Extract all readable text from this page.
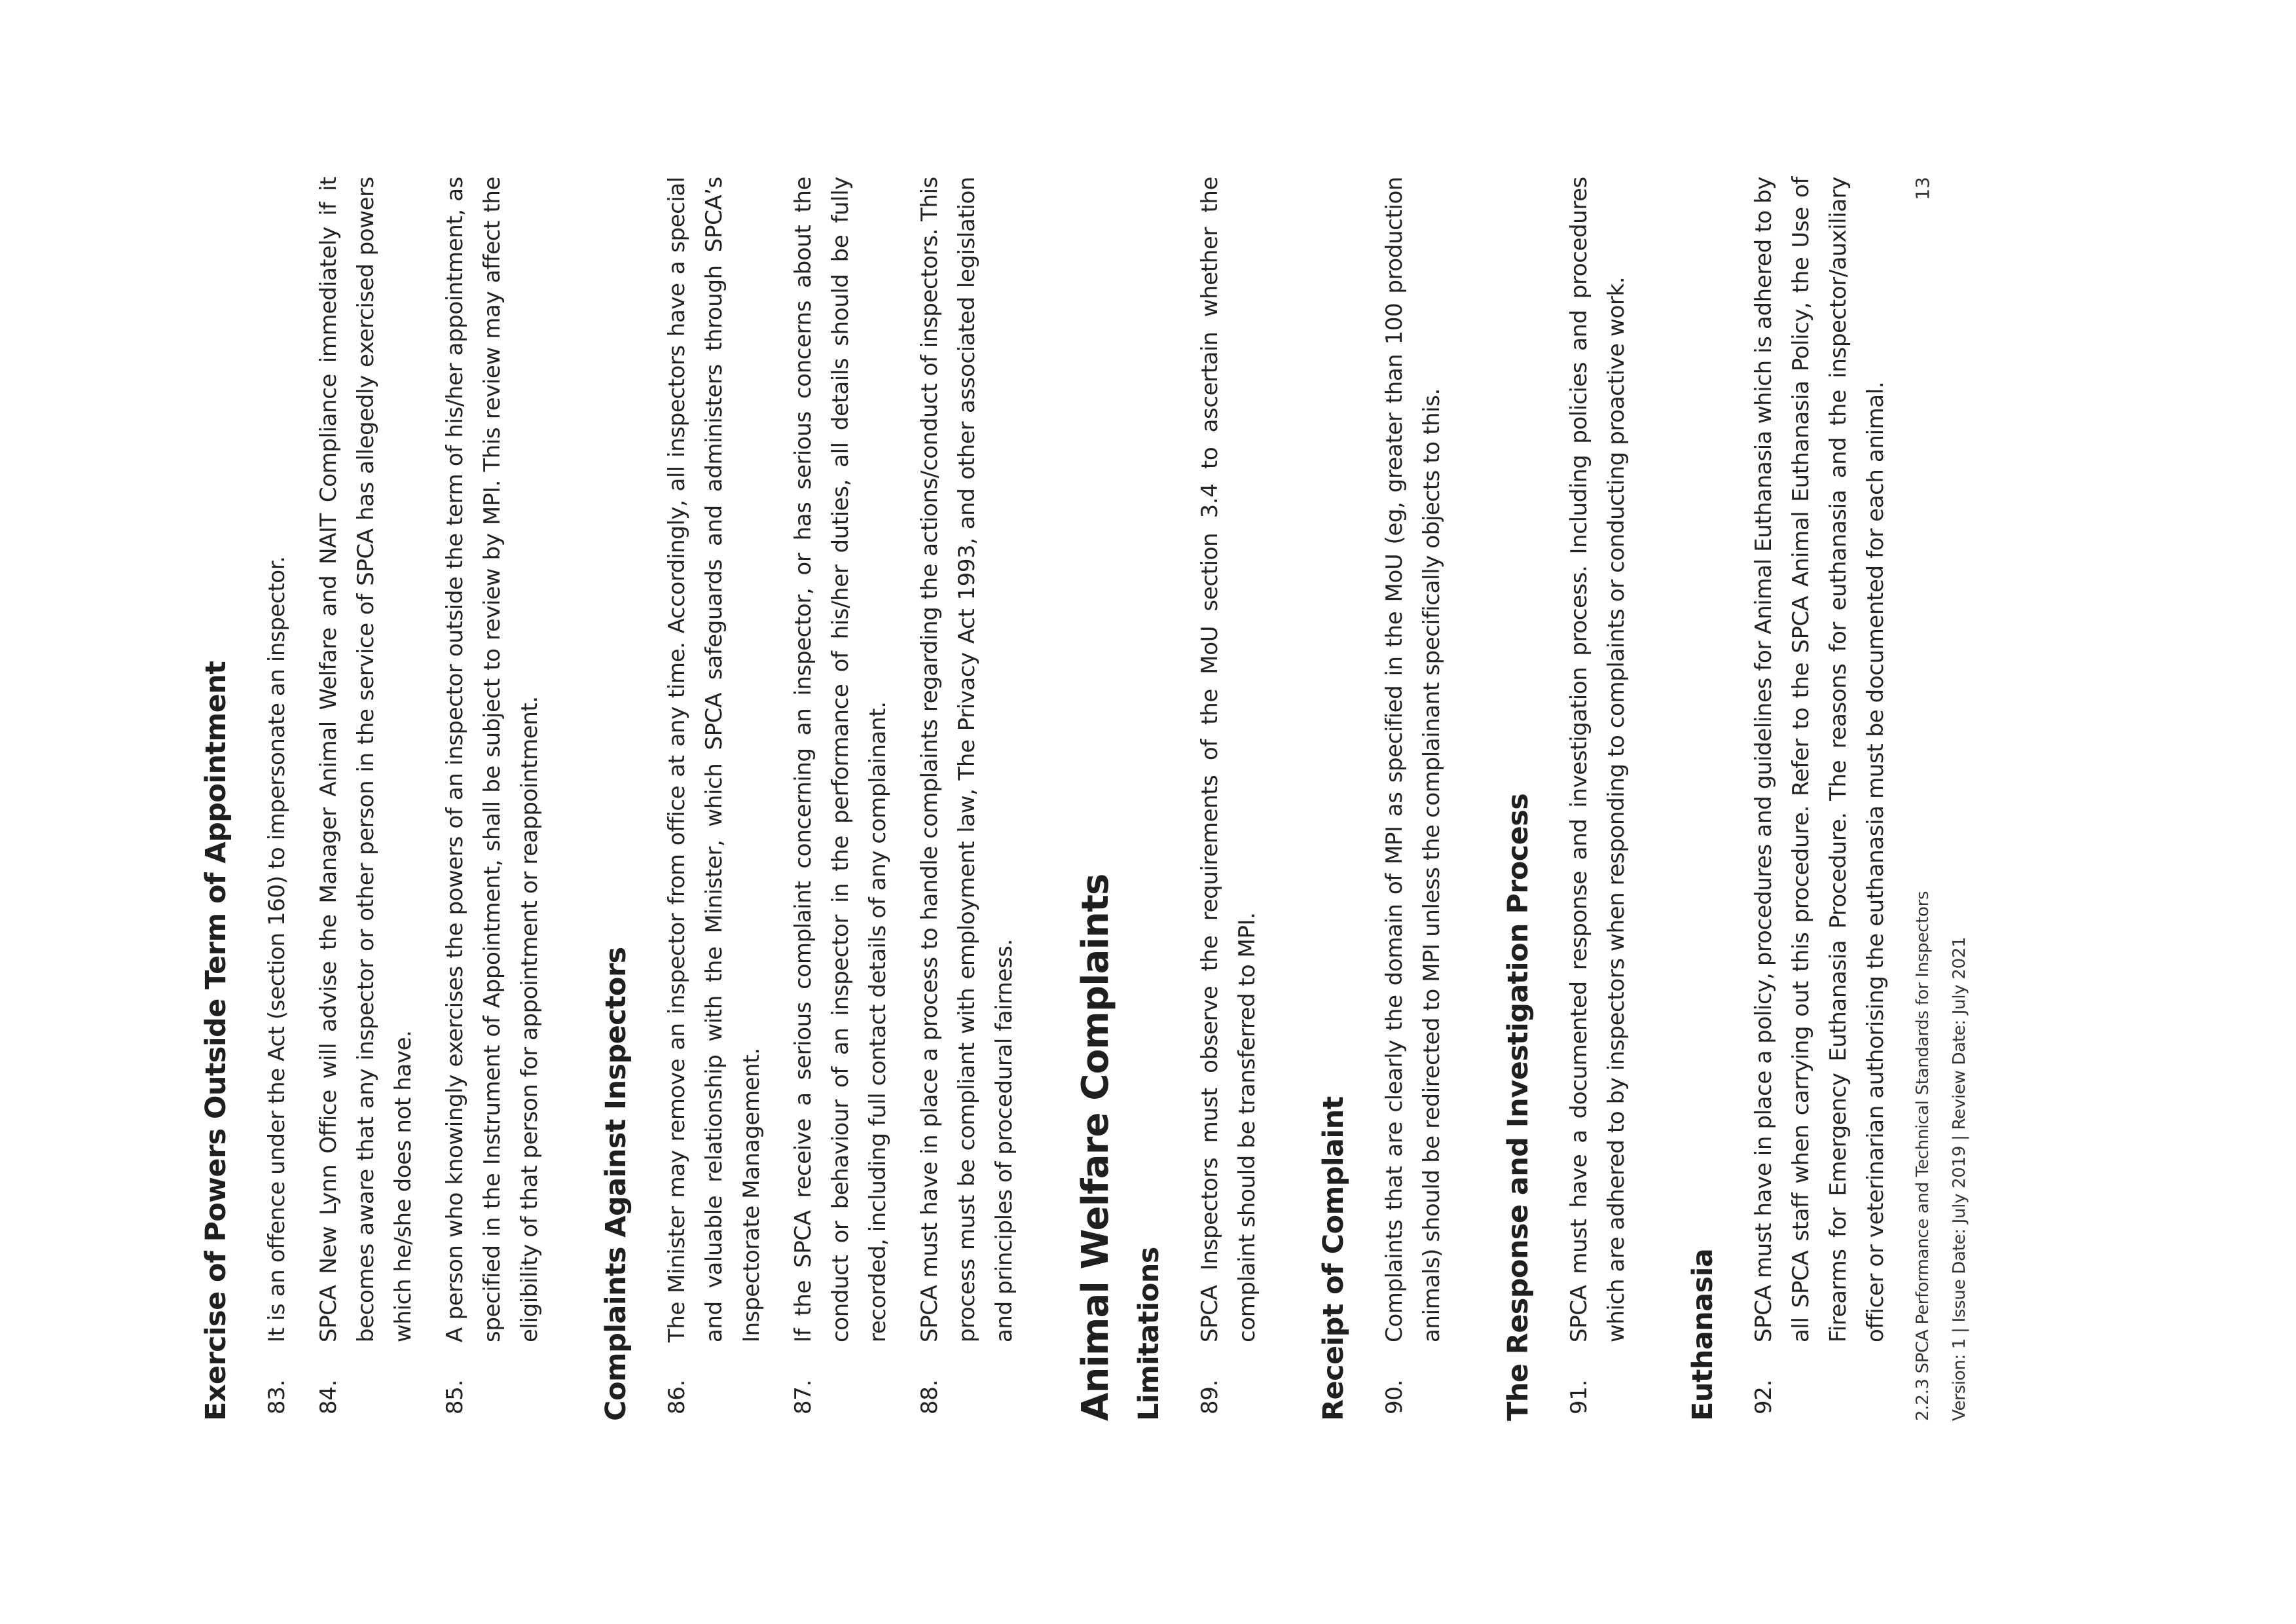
Exercise of Powers Outside Term of Appointment 83.
It is an offence under the Act (section 160) to impersonate an inspector.
84.
SPCA New Lynn Office will advise the Manager Animal Welfare and NAIT Compliance immediately if it becomes aware that any inspector or other person in the service of SPCA has allegedly exercised powers which he/she does not have.
85.
A person who knowingly exercises the powers of an inspector outside the term of his/her appointment, as specified in the Instrument of Appointment, shall be subject to review by MPI. This review may affect the eligibility of that person for appointment or reappointment. Complaints Against Inspectors 86.
The Minister may remove an inspector from office at any time. Accordingly, all inspectors have a special and valuable relationship with the Minister, which SPCA safeguards and administers through SPCA’s Inspectorate Management.
87.
If the SPCA receive a serious complaint concerning an inspector, or has serious concerns about the conduct or behaviour of an inspector in the performance of his/her duties, all details should be fully recorded, including full contact details of any complainant.
88.
SPCA must have in place a process to handle complaints regarding the actions/conduct of inspectors. This process must be compliant with employment law, The Privacy Act 1993, and other associated legislation and principles of procedural fairness. Animal Welfare Complaints Limitations 89.
SPCA Inspectors must observe the requirements of the MoU section 3.4 to ascertain whether the complaint should be transferred to MPI. Receipt of Complaint 90.
Complaints that are clearly the domain of MPI as specified in the MoU (eg, greater than 100 production animals) should be redirected to MPI unless the complainant specifically objects to this. The Response and Investigation Process 91.
SPCA must have a documented response and investigation process. Including policies and procedures which are adhered to by inspectors when responding to complaints or conducting proactive work. Euthanasia 92.
SPCA must have in place a policy, procedures and guidelines for Animal Euthanasia which is adhered to by all SPCA staff when carrying out this procedure. Refer to the SPCA Animal Euthanasia Policy, the Use of Firearms for Emergency Euthanasia Procedure. The reasons for euthanasia and the inspector/auxiliary officer or veterinarian authorising the euthanasia must be documented for each animal.	2.2.3 SPCA Performance and Technical Standards for Inspectors Version: 1 | Issue Date: July 2019 | Review Date: July 2021
13
